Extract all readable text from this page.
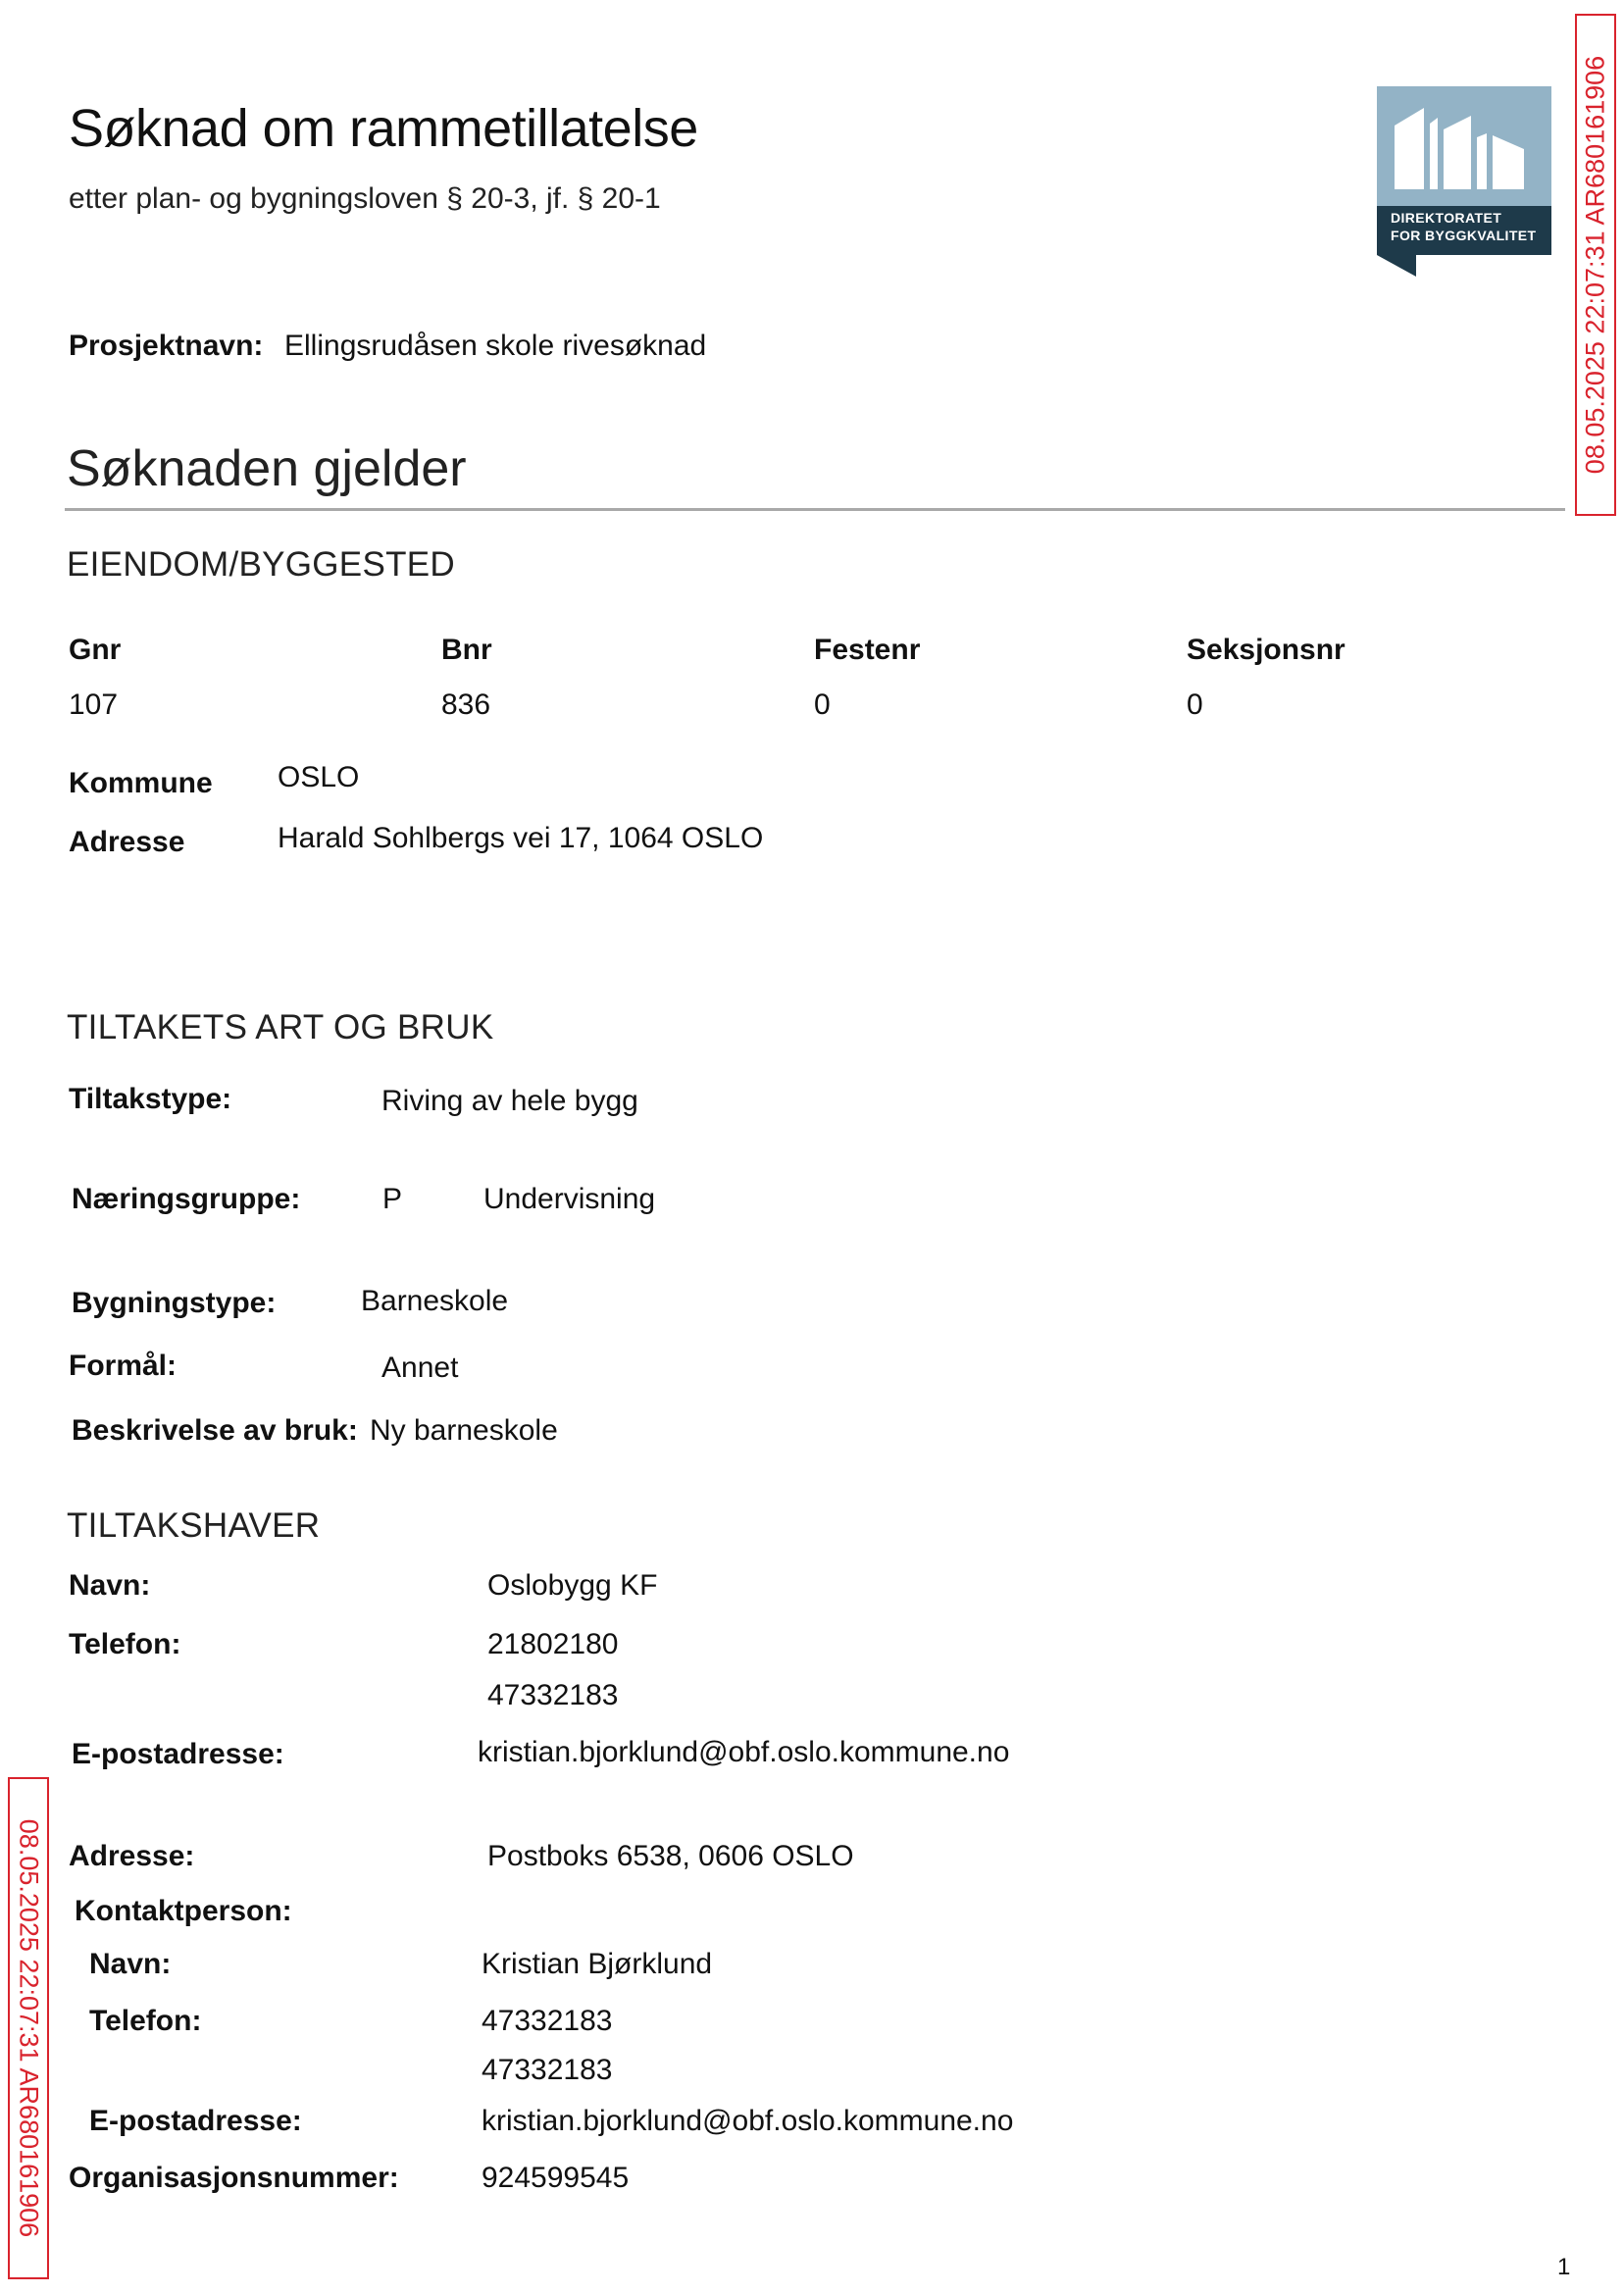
Søknad om rammetillatelse
etter plan- og bygningsloven § 20-3, jf. § 20-1
DIREKTORATET
FOR BYGGKVALITET 08.05.2025 22:07:31 AR680161906
Prosjektnavn: Ellingsrudåsen skole rivesøknad
Søknaden gjelder
EIENDOM/BYGGESTED
Gnr	Bnr	Festenr	Seksjonsnr
107	836	0	0
Kommune OSLO
Adresse	Harald Sohlbergs vei 17, 1064 OSLO
TILTAKETS ART OG BRUK
Tiltakstype:	Riving av hele bygg
Næringsgruppe:	P	Undervisning
Bygningstype:	Barneskole
Formål:	Annet
Beskrivelse av bruk: Ny barneskole
TILTAKSHAVER
Navn:	Oslobygg KF
Telefon:	21802180
47332183
E-postadresse:	kristian.bjorklund@obf.oslo.kommune.no
08.05.2025 22:07:31 AR680161906 Adresse:	Postboks 6538, 0606 OSLO
Kontaktperson:
Navn:	Kristian Bjørklund
Telefon:	47332183
47332183
E-postadresse:	kristian.bjorklund@obf.oslo.kommune.no
Organisasjonsnummer:	924599545
1
